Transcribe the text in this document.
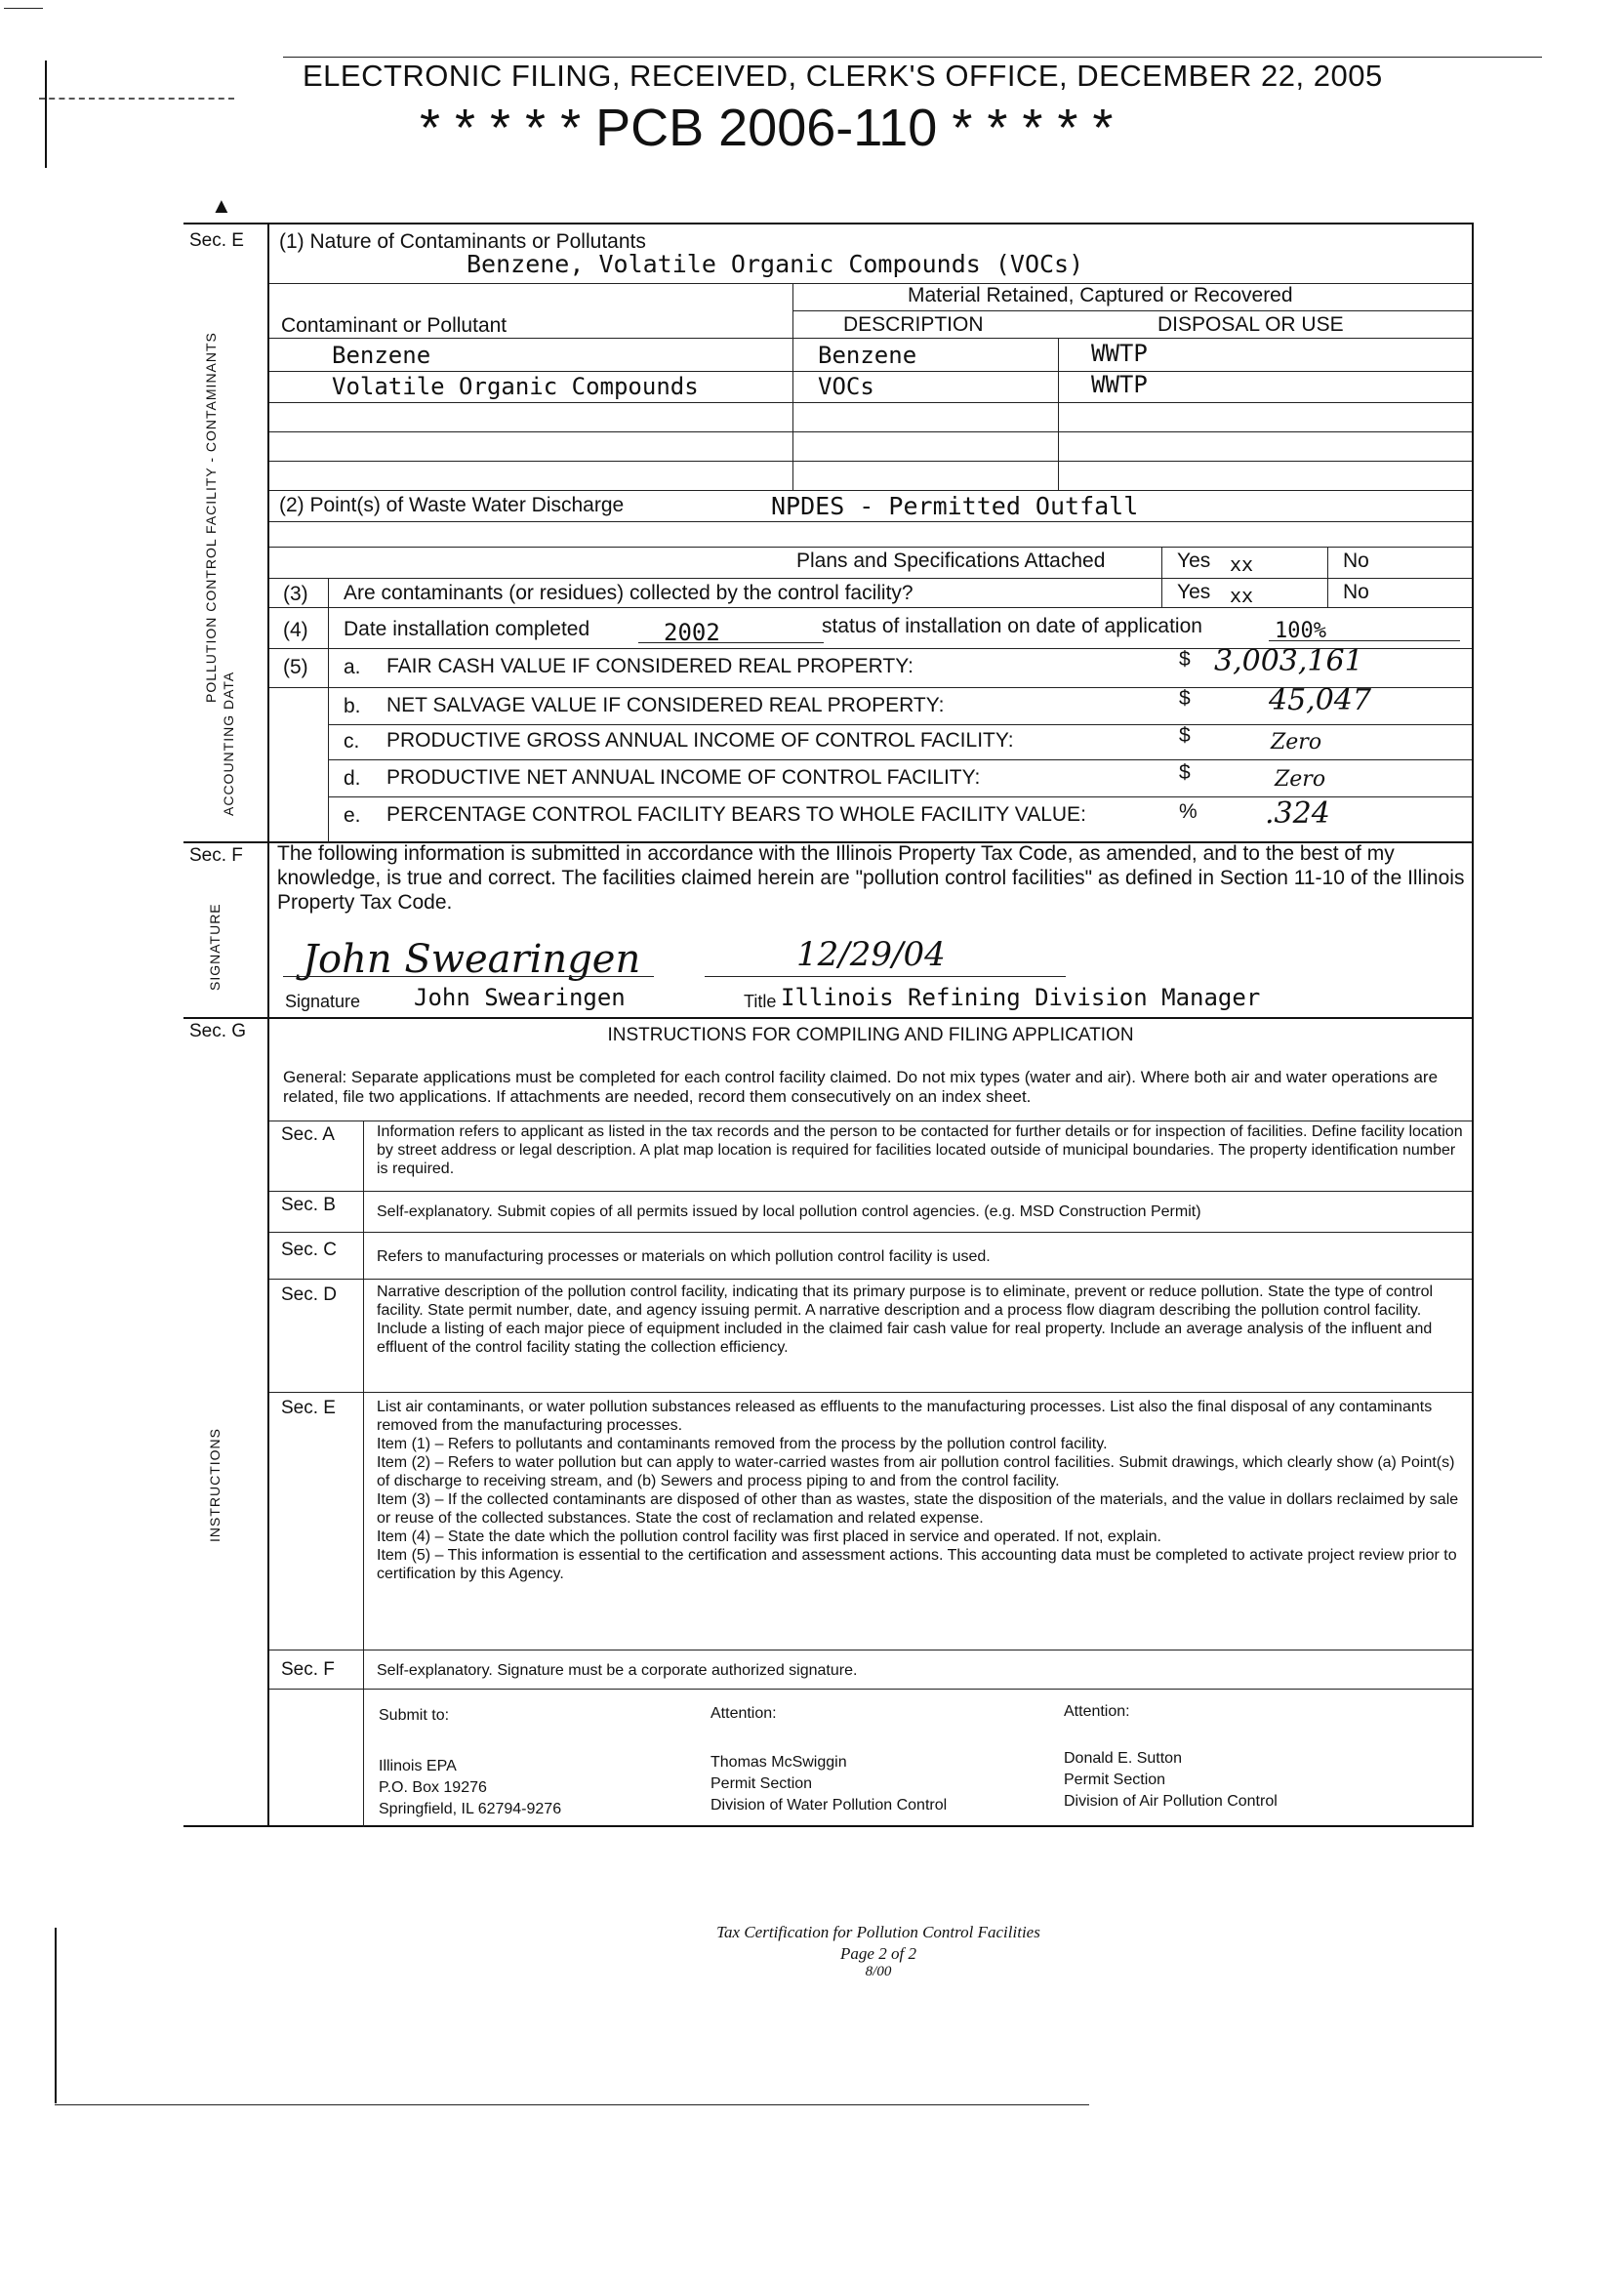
ELECTRONIC FILING, RECEIVED, CLERK'S OFFICE, DECEMBER 22, 2005
* * * * * PCB 2006-110 * * * * *
▲
POLLUTION CONTROL FACILITY - CONTAMINANTS
ACCOUNTING DATA
SIGNATURE
INSTRUCTIONS
Sec. E
Sec. F
Sec. G
(1) Nature of Contaminants or Pollutants
Benzene, Volatile Organic Compounds (VOCs)
Material Retained, Captured or Recovered
Contaminant or Pollutant	DESCRIPTION	DISPOSAL OR USE
Benzene	Benzene	WWTP
Volatile Organic Compounds	VOCs	WWTP
(2) Point(s) of Waste Water Discharge	NPDES - Permitted Outfall
Plans and Specifications Attached	Yes xx	No
(3) Are contaminants (or residues) collected by the control facility?	Yes xx	No
(4) Date installation completed	2002	status of installation on date of application	100%
(5) a. FAIR CASH VALUE IF CONSIDERED REAL PROPERTY:	$ 3,003,161
b. NET SALVAGE VALUE IF CONSIDERED REAL PROPERTY:	$	45,047
c. PRODUCTIVE GROSS ANNUAL INCOME OF CONTROL FACILITY:	$	Zero
d. PRODUCTIVE NET ANNUAL INCOME OF CONTROL FACILITY:	$	Zero
e. PERCENTAGE CONTROL FACILITY BEARS TO WHOLE FACILITY VALUE:	% .324
The following information is submitted in accordance with the Illinois Property Tax Code, as amended, and to the best of my knowledge, is true and correct. The facilities claimed herein are "pollution control facilities" as defined in Section 11-10 of the Illinois Property Tax Code.
John Swearingen	12/29/04
Signature John Swearingen	Title Illinois Refining Division Manager
INSTRUCTIONS FOR COMPILING AND FILING APPLICATION
General: Separate applications must be completed for each control facility claimed. Do not mix types (water and air). Where both air and water operations are related, file two applications. If attachments are needed, record them consecutively on an index sheet.
Sec. A	Information refers to applicant as listed in the tax records and the person to be contacted for further details or for inspection of facilities. Define facility location by street address or legal description. A plat map location is required for facilities located outside of municipal boundaries. The property identification number is required.
Sec. B	Self-explanatory. Submit copies of all permits issued by local pollution control agencies. (e.g. MSD Construction Permit)
Sec. C	Refers to manufacturing processes or materials on which pollution control facility is used.
Sec. D	Narrative description of the pollution control facility, indicating that its primary purpose is to eliminate, prevent or reduce pollution. State the type of control facility. State permit number, date, and agency issuing permit. A narrative description and a process flow diagram describing the pollution control facility. Include a listing of each major piece of equipment included in the claimed fair cash value for real property. Include an average analysis of the influent and effluent of the control facility stating the collection efficiency.
Sec. E	List air contaminants, or water pollution substances released as effluents to the manufacturing processes. List also the final disposal of any contaminants removed from the manufacturing processes.
Item (1) – Refers to pollutants and contaminants removed from the process by the pollution control facility.
Item (2) – Refers to water pollution but can apply to water-carried wastes from air pollution control facilities. Submit drawings, which clearly show (a) Point(s) of discharge to receiving stream, and (b) Sewers and process piping to and from the control facility.
Item (3) – If the collected contaminants are disposed of other than as wastes, state the disposition of the materials, and the value in dollars reclaimed by sale or reuse of the collected substances. State the cost of reclamation and related expense.
Item (4) – State the date which the pollution control facility was first placed in service and operated. If not, explain.
Item (5) – This information is essential to the certification and assessment actions. This accounting data must be completed to activate project review prior to certification by this Agency.
Sec. F	Self-explanatory. Signature must be a corporate authorized signature.
Submit to:
Illinois EPA
P.O. Box 19276
Springfield, IL 62794-9276
Attention:
Thomas McSwiggin
Permit Section
Division of Water Pollution Control
Attention:
Donald E. Sutton
Permit Section
Division of Air Pollution Control
Tax Certification for Pollution Control Facilities
Page 2 of 2
8/00
